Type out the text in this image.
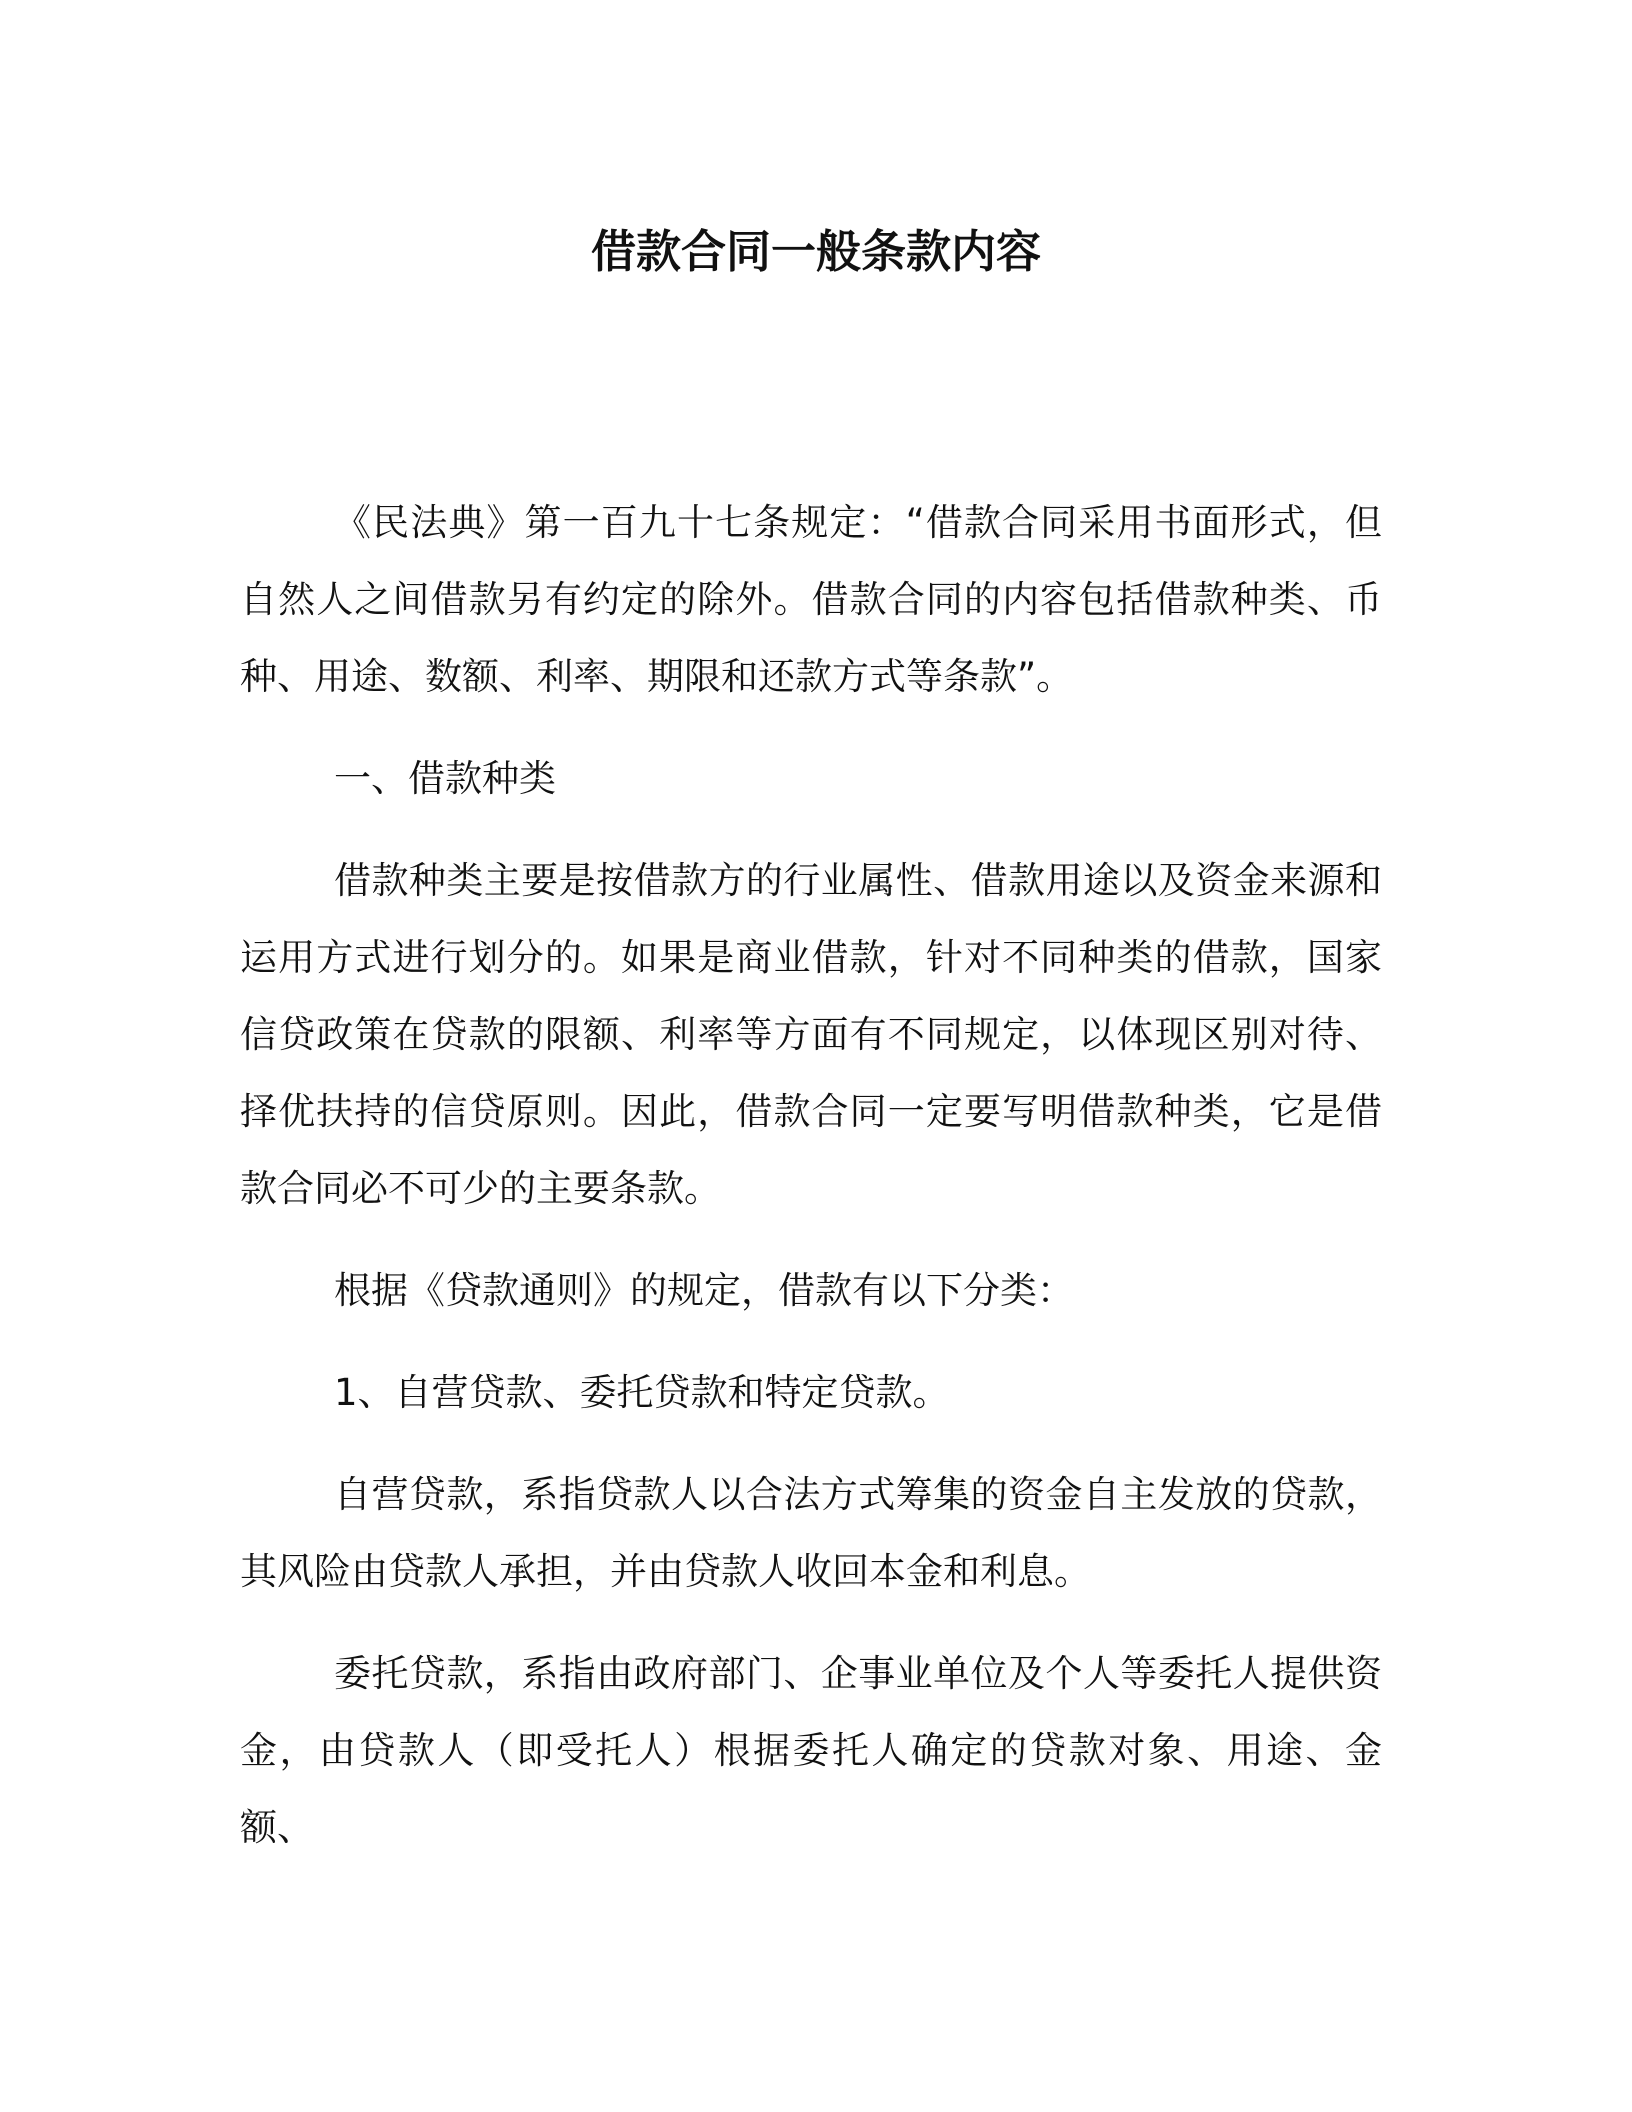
借款合同一般条款内容

《民法典》第一百九十七条规定：“借款合同采用书面形式，但自然人之间借款另有约定的除外。借款合同的内容包括借款种类、币种、用途、数额、利率、期限和还款方式等条款”。

一、借款种类

借款种类主要是按借款方的行业属性、借款用途以及资金来源和运用方式进行划分的。如果是商业借款，针对不同种类的借款，国家信贷政策在贷款的限额、利率等方面有不同规定，以体现区别对待、择优扶持的信贷原则。因此，借款合同一定要写明借款种类，它是借款合同必不可少的主要条款。

根据《贷款通则》的规定，借款有以下分类：

1、自营贷款、委托贷款和特定贷款。

自营贷款，系指贷款人以合法方式筹集的资金自主发放的贷款，其风险由贷款人承担，并由贷款人收回本金和利息。

委托贷款，系指由政府部门、企事业单位及个人等委托人提供资金，由贷款人（即受托人）根据委托人确定的贷款对象、用途、金额、
